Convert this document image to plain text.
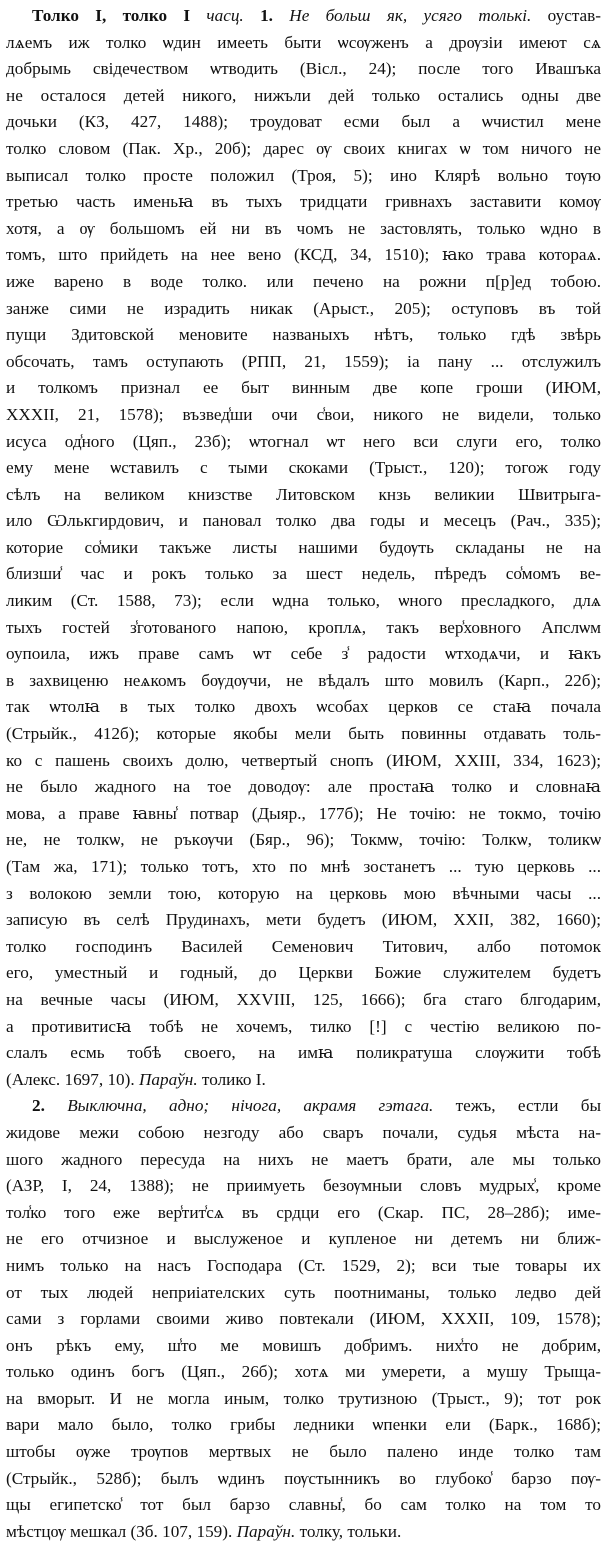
Толко I, толко I часц. 1. Не больш як, усяго толькі. оустав-
лѧемъ иж толко ѡдин имееть быти ѡсѹженъ а дрѹзіи имеют сѧ
добрымь свідечеством ѡтводить (Вісл., 24); после того Ивашъка
не осталося детей никого, нижъли дей только остались одны две
дочьки (КЗ, 427, 1488); троудоват есми был а ѡчистил мене
толко словом (Пак. Хр., 20б); дарес ѹ своих книгах ѡ том ничого не
выписал толко просте положил (Троя, 5); ино Клярѣ вольно тѹю
третью часть именьꙗ въ тыхъ тридцати гривнахъ заставити комѹ
хотя, а ѹ большомъ ей ни въ чомъ не застовлять, только ѡдно в
томъ, што прийдеть на нее вено (КСД, 34, 1510); ꙗко трава котораѧ.
иже варено в воде толко. или печено на рожни п[р]ед тобою.
занже сими не израдить никак (Арыст., 205); оступовъ въ той
пущи Здитовской меновите названыхъ нѣтъ, только гдѣ звѣрь
обсочать, тамъ оступають (РПП, 21, 1559); іа пану ... отслужилъ
и толкомъ признал ее быт винным две копе гроши (ИЮМ,
XXXII, 21, 1578); възвед̾ши очи с̾вои, никого не видели, только
исуса од̾ного (Цяп., 23б); ѡтогнал ѡт него вси слуги его, толко
ему мене ѡставилъ с тыми скоками (Трыст., 120); тогож году
сѣлъ на великом книзстве Литовском кнзь великии Швитрыга-
ило Ѡлькгирдович, и пановал толко два годы и месецъ (Рач., 335);
которие со̾мики такъже листы нашими будѹть складаны не на
близши̾ час и рокъ только за шест недель, пѣредъ со̾момъ ве-
ликим (Ст. 1588, 73); если ѡдна только, ѡного преслaдкого, длѧ
тыхъ гостей з̾готованого напою, кроплѧ, такъ вер̾ховного Апслѡм
оупоила, ижъ праве самъ ѡт себе з̾ радости ѡтходѧчи, и ꙗкъ
в захвиценю неѧкомъ бѹдѹчи, не вѣдалъ што мовилъ (Карп., 22б);
так ѡтолꙗ в тых толко двохъ ѡсобах церков се стаꙗ почала
(Стрыйк., 412б); которые якобы мели быть повинны отдавать толь-
ко с пашень своихъ долю, четвертый снопъ (ИЮМ, XXIII, 334, 1623);
не было жадного на тое доводѹ: але простаꙗ толко и словнаꙗ
мова, а праве ꙗвны̾ потвар (Дыяр., 177б); Не точію: не токмо, точію
не, не толкѡ, не ръкѹчи (Бяр., 96); Токмѡ, точію: Толкѡ, толикѡ
(Там жа, 171); только тотъ, хто по мнѣ зостанетъ ... тую церковь ...
з волокою земли тою, которую на церковь мою вѣчными часы ...
записую въ селѣ Прудинахъ, мети будетъ (ИЮМ, XXII, 382, 1660);
толко господинъ Василей Семенович Титович, албо потомок
его, уместный и годный, до Церкви Божие служителем будетъ
на вечные часы (ИЮМ, XXVIII, 125, 1666); бга стаго блгодарим,
а противитисꙗ тобѣ не хочемъ, тилко [!] с честію великою по-
слалъ есмь тобѣ своего, на имꙗ поликратуша слѹжити тобѣ
(Алекс. 1697, 10). Параўн. толико I.
2. Выключна, адно; нічога, акрамя гэтага. тежъ, естли бы
жидове межи собою незгоду або сваръ почали, судья мѣста на-
шого жадного пересуда на нихъ не маетъ брати, але мы только
(АЗР, I, 24, 1388); не приимуеть безѹмныи словъ мудрых̾, кроме
тол̾ко того еже вер̾тит̾сѧ въ срдци его (Скар. ПС, 28–28б); име-
не его отчизное и выслуженое и купленое ни детемъ ни ближ-
нимъ только на насъ Господара (Ст. 1529, 2); вси тые товары их
от тых людей неприіателских суть поотниманы, только ледво дей
сами з горлами своими живо повтекали (ИЮМ, XXXII, 109, 1578);
онъ рѣкъ ему, ш̾то ме мовишъ доб̾римъ. них̾то не добрим,
только одинъ богъ (Цяп., 26б); хотѧ ми умерети, а мушу Трыща-
на вморыт. И не могла иным, толко трутизною (Трыст., 9); тот рок
вари мало было, толко грибы ледники ѡпенки ели (Барк., 168б);
штобы ѹже трѹпов мертвых не было палено инде толко там
(Стрыйк., 528б); былъ ѡдинъ пѹстынникъ во глубоко̾ барзо пѹ-
щы египетско̾ тот был барзо славны̾, бо сам толко на том то
мѣстцѹ мешкал (Зб. 107, 159). Параўн. толку, тольки.
